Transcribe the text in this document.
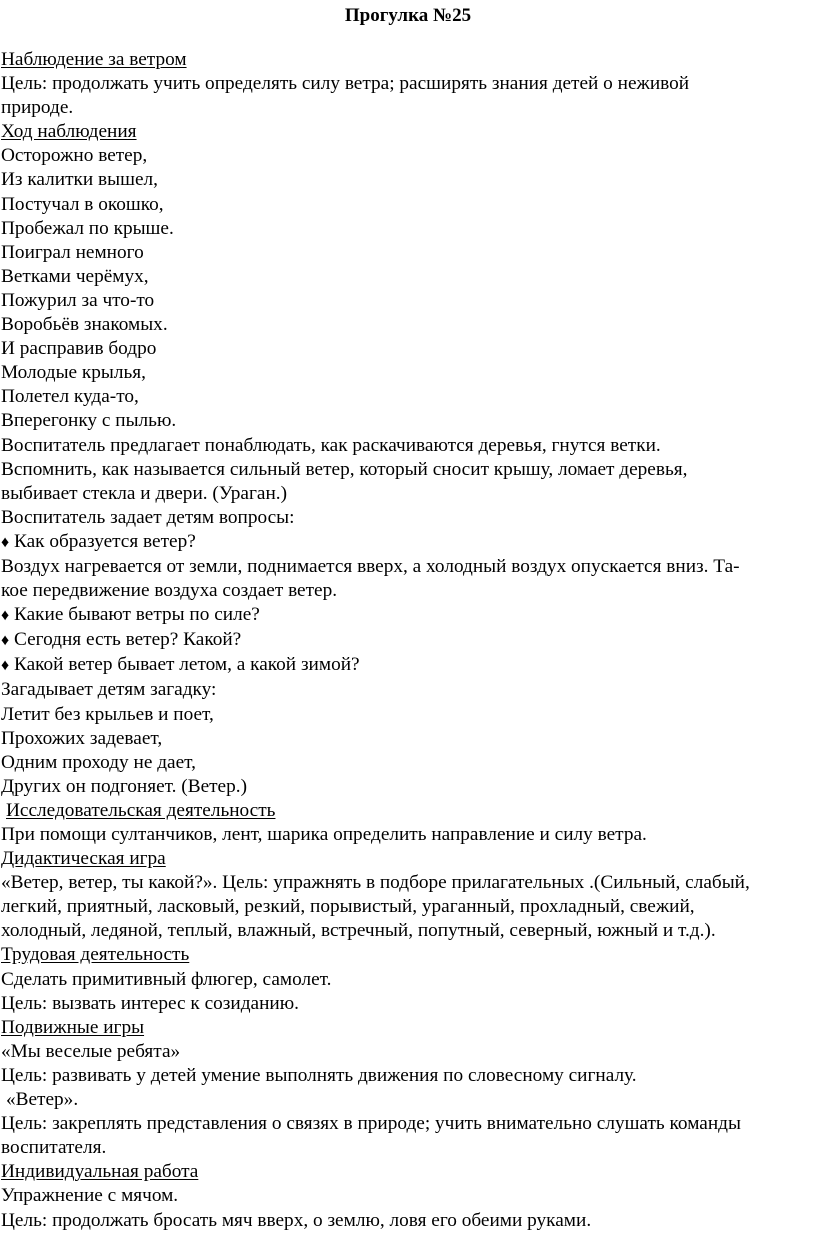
Прогулка №25
Наблюдение за ветром
Цель: продолжать учить определять силу ветра; расширять знания детей о неживой
природе.
Ход наблюдения
Осторожно ветер,
Из калитки вышел,
Постучал в окошко,
Пробежал по крыше.
Поиграл немного
Ветками черёмух,
Пожурил за что-то
Воробьёв знакомых.
И расправив бодро
Молодые крылья,
Полетел куда-то,
Вперегонку с пылью.
Воспитатель предлагает понаблюдать, как раскачиваются деревья, гнутся ветки.
Вспомнить, как называется сильный ветер, который сносит крышу, ломает деревья,
выбивает стекла и двери. (Ураган.)
Воспитатель задает детям вопросы:
♦ Как образуется ветер?
Воздух нагревается от земли, поднимается вверх, а холодный воздух опускается вниз. Та-
кое передвижение воздуха создает ветер.
♦ Какие бывают ветры по силе?
♦ Сегодня есть ветер? Какой?
♦ Какой ветер бывает летом, а какой зимой?
Загадывает детям загадку:
Летит без крыльев и поет,
Прохожих задевает,
Одним проходу не дает,
Других он подгоняет. (Ветер.)
Исследовательская деятельность
При помощи султанчиков, лент, шарика определить направление и силу ветра.
Дидактическая игра
«Ветер, ветер, ты какой?». Цель: упражнять в подборе прилагательных .(Сильный, слабый,
легкий, приятный, ласковый, резкий, порывистый, ураганный, прохладный, свежий,
холодный, ледяной, теплый, влажный, встречный, попутный, северный, южный и т.д.).
Трудовая деятельность
Сделать примитивный флюгер, самолет.
Цель: вызвать интерес к созиданию.
Подвижные игры
«Мы веселые ребята»
Цель: развивать у детей умение выполнять движения по словесному сигналу.
«Ветер».
Цель: закреплять представления о связях в природе; учить внимательно слушать команды
воспитателя.
Индивидуальная работа
Упражнение с мячом.
Цель: продолжать бросать мяч вверх, о землю, ловя его обеими руками.
